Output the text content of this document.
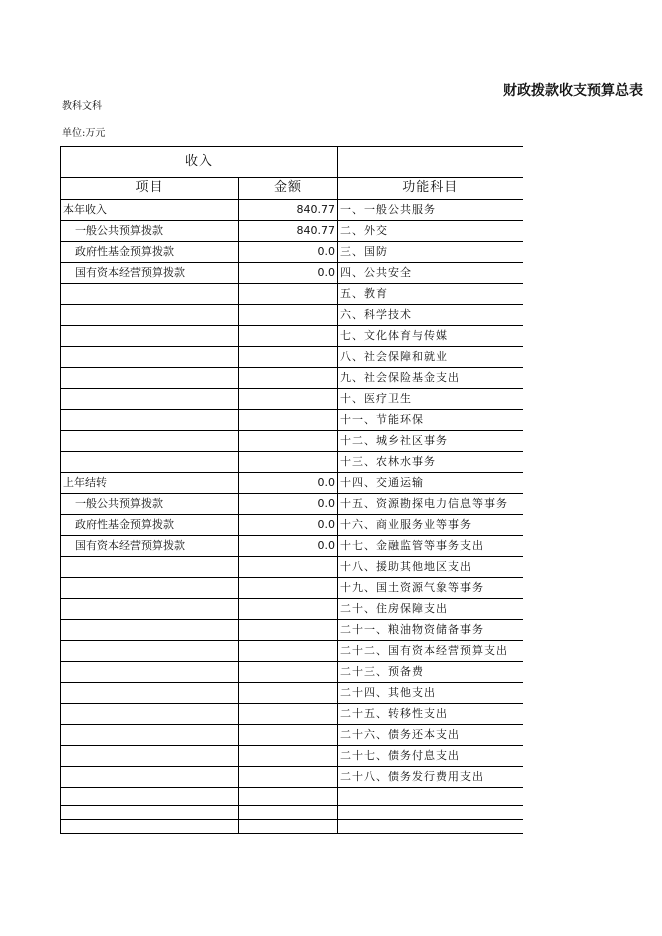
财政拨款收支预算总表
教科文科
单位:万元
收入		
项目	金额	功能科目
本年收入	840.77	一、一般公共服务
一般公共预算拨款	840.77	二、外交
政府性基金预算拨款	0.0	三、国防
国有资本经营预算拨款	0.0	四、公共安全
		五、教育
		六、科学技术
		七、文化体育与传媒
		八、社会保障和就业
		九、社会保险基金支出
		十、医疗卫生
		十一、节能环保
		十二、城乡社区事务
		十三、农林水事务
上年结转	0.0	十四、交通运输
一般公共预算拨款	0.0	十五、资源勘探电力信息等事务
政府性基金预算拨款	0.0	十六、商业服务业等事务
国有资本经营预算拨款	0.0	十七、金融监管等事务支出
		十八、援助其他地区支出
		十九、国土资源气象等事务
		二十、住房保障支出
		二十一、粮油物资储备事务
		二十二、国有资本经营预算支出
		二十三、预备费
		二十四、其他支出
		二十五、转移性支出
		二十六、债务还本支出
		二十七、债务付息支出
		二十八、债务发行费用支出
